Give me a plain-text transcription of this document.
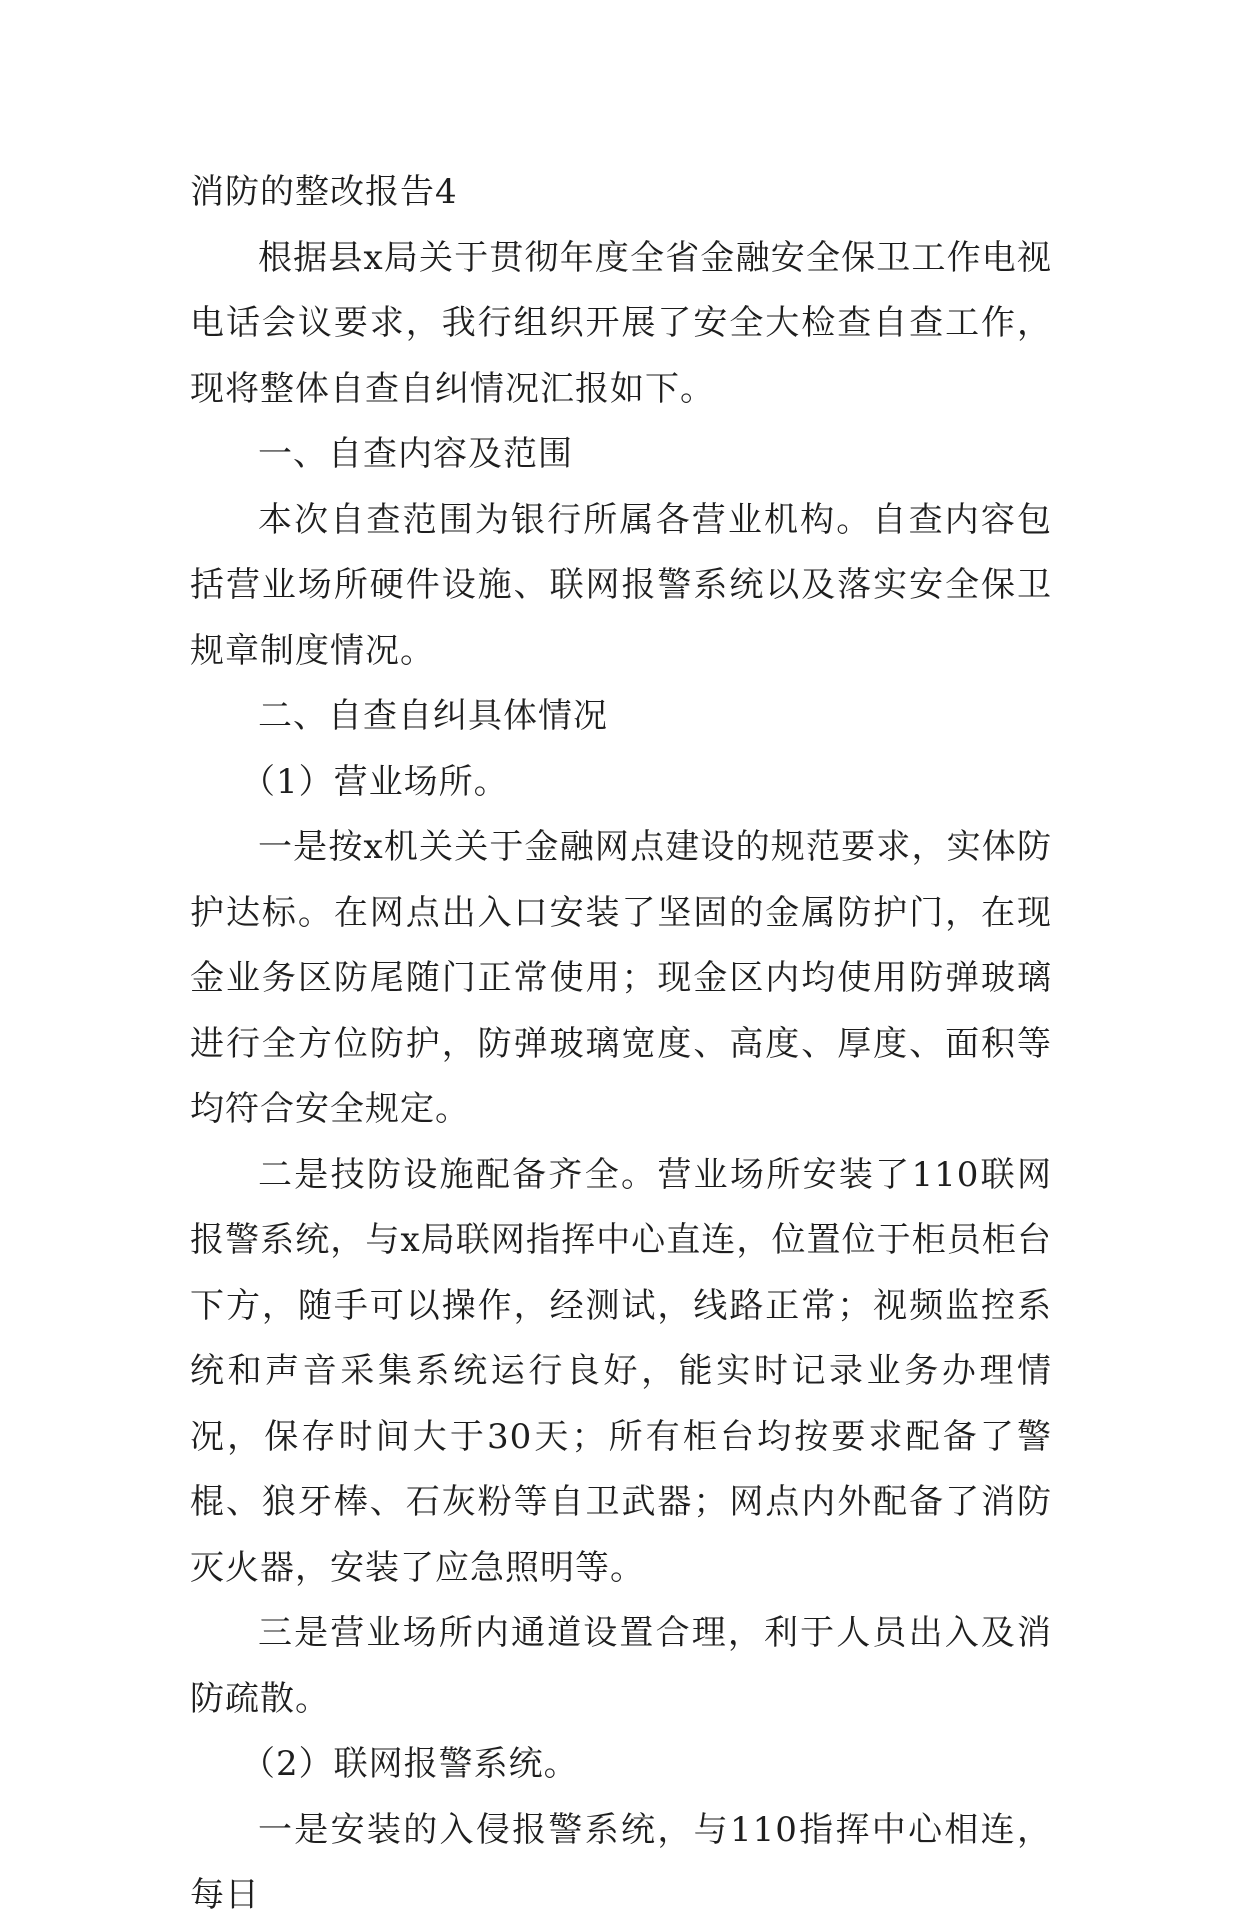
消防的整改报告4

根据县x局关于贯彻年度全省金融安全保卫工作电视电话会议要求，我行组织开展了安全大检查自查工作，现将整体自查自纠情况汇报如下。

一、自查内容及范围

本次自查范围为银行所属各营业机构。自查内容包括营业场所硬件设施、联网报警系统以及落实安全保卫规章制度情况。

二、自查自纠具体情况

（1）营业场所。

一是按x机关关于金融网点建设的规范要求，实体防护达标。在网点出入口安装了坚固的金属防护门，在现金业务区防尾随门正常使用；现金区内均使用防弹玻璃进行全方位防护，防弹玻璃宽度、高度、厚度、面积等均符合安全规定。

二是技防设施配备齐全。营业场所安装了110联网报警系统，与x局联网指挥中心直连，位置位于柜员柜台下方，随手可以操作，经测试，线路正常；视频监控系统和声音采集系统运行良好，能实时记录业务办理情况，保存时间大于30天；所有柜台均按要求配备了警棍、狼牙棒、石灰粉等自卫武器；网点内外配备了消防灭火器，安装了应急照明等。

三是营业场所内通道设置合理，利于人员出入及消防疏散。

（2）联网报警系统。

一是安装的入侵报警系统，与110指挥中心相连，每日
